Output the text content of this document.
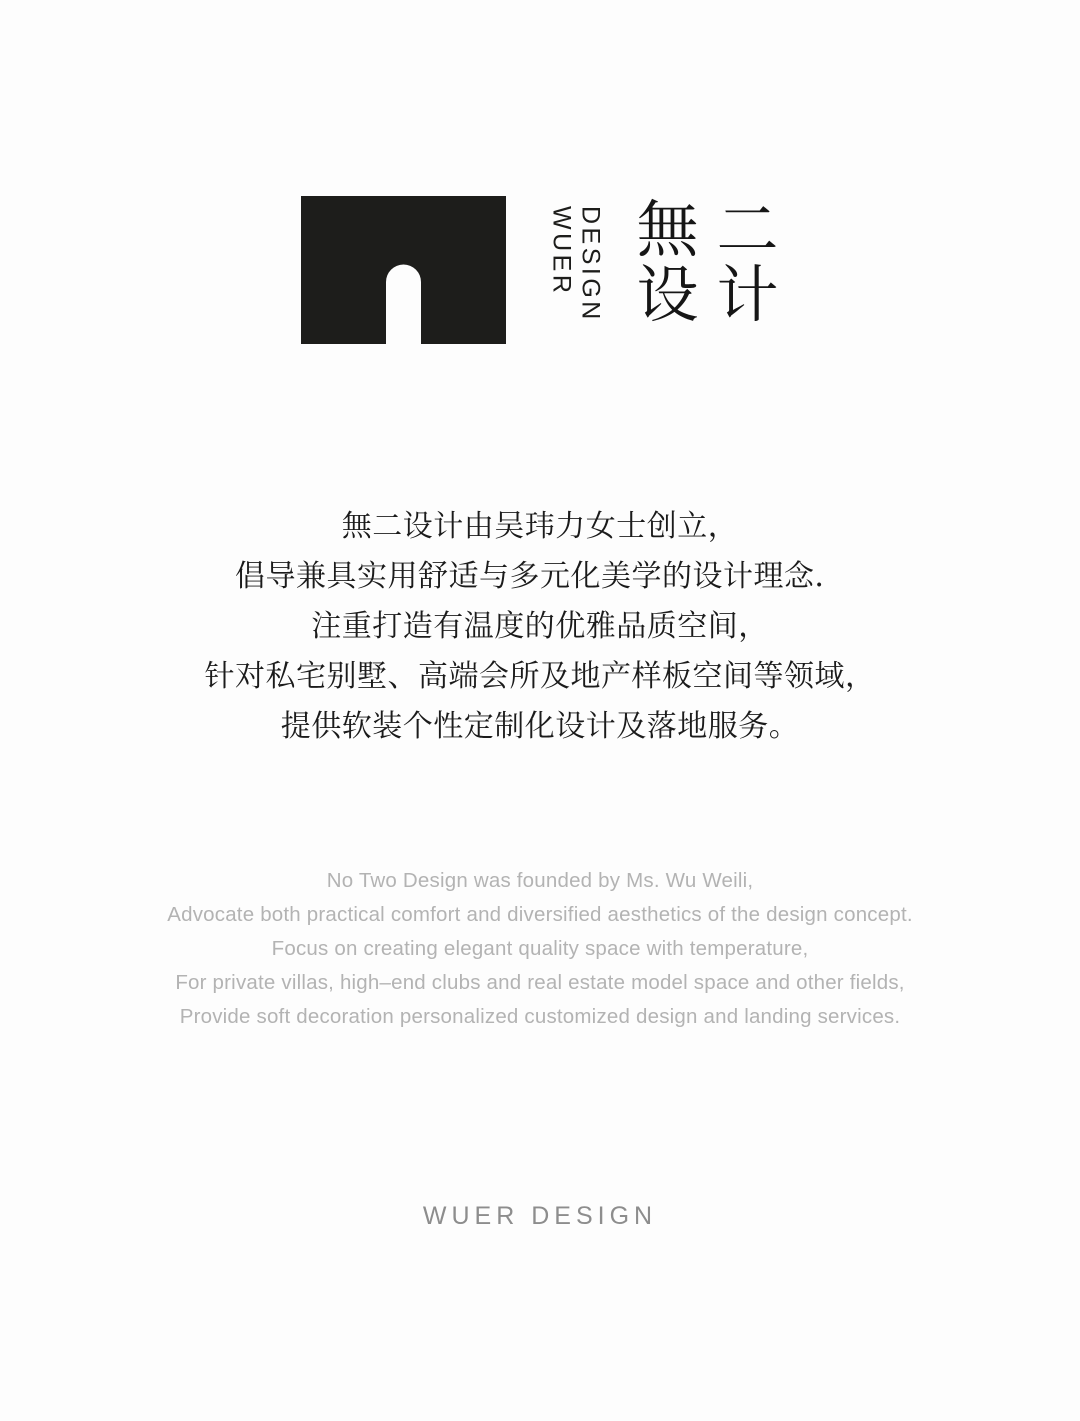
WUER DESIGN 無 二
设 计
無二设计由吴玮力女士创立，
倡导兼具实用舒适与多元化美学的设计理念．
注重打造有温度的优雅品质空间，
针对私宅别墅、高端会所及地产样板空间等领域，
提供软装个性定制化设计及落地服务。
No Two Design was founded by Ms. Wu Weili,
Advocate both practical comfort and diversified aesthetics of the design concept.
Focus on creating elegant quality space with temperature,
For private villas, high–end clubs and real estate model space and other fields,
Provide soft decoration personalized customized design and landing services.
WUER DESIGN
